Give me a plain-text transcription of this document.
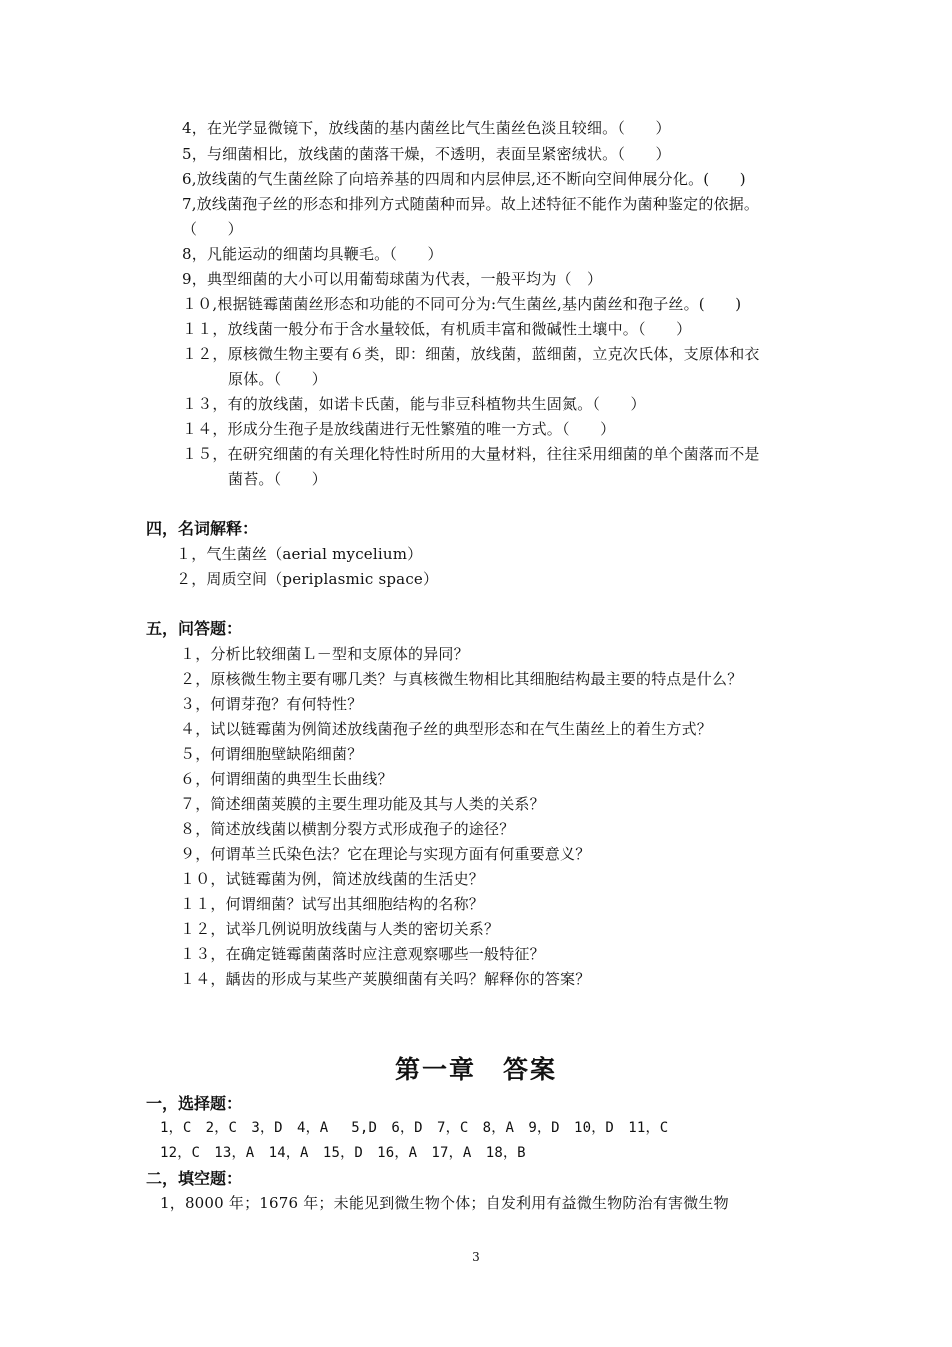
4，在光学显微镜下，放线菌的基内菌丝比气生菌丝色淡且较细。（　　）
5，与细菌相比，放线菌的菌落干燥，不透明，表面呈紧密绒状。（　　）
6,放线菌的气生菌丝除了向培养基的四周和内层伸层,还不断向空间伸展分化。(　　)
7,放线菌孢子丝的形态和排列方式随菌种而异。故上述特征不能作为菌种鉴定的依据。
（　　）
8，凡能运动的细菌均具鞭毛。（　　）
9，典型细菌的大小可以用葡萄球菌为代表，一般平均为（　）
１０,根据链霉菌菌丝形态和功能的不同可分为:气生菌丝,基内菌丝和孢子丝。(　　)
１１，放线菌一般分布于含水量较低，有机质丰富和微碱性土壤中。（　　）
１２，原核微生物主要有６类，即：细菌，放线菌，蓝细菌，立克次氏体，支原体和衣
原体。（　　）
１３，有的放线菌，如诺卡氏菌，能与非豆科植物共生固氮。（　　）
１４，形成分生孢子是放线菌进行无性繁殖的唯一方式。（　　）
１５，在研究细菌的有关理化特性时所用的大量材料，往往采用细菌的单个菌落而不是
菌苔。（　　）
四，名词解释：
１，气生菌丝（aerial mycelium）
２，周质空间（periplasmic space）
五，问答题：
１，分析比较细菌Ｌ－型和支原体的异同？
２，原核微生物主要有哪几类？与真核微生物相比其细胞结构最主要的特点是什么？
３，何谓芽孢？有何特性？
４，试以链霉菌为例简述放线菌孢子丝的典型形态和在气生菌丝上的着生方式？
５，何谓细胞壁缺陷细菌？
６，何谓细菌的典型生长曲线？
７，简述细菌荚膜的主要生理功能及其与人类的关系？
８，简述放线菌以横割分裂方式形成孢子的途径？
９，何谓革兰氏染色法？它在理论与实现方面有何重要意义？
１０，试链霉菌为例，简述放线菌的生活史？
１１，何谓细菌？试写出其细胞结构的名称？
１２，试举几例说明放线菌与人类的密切关系？
１３，在确定链霉菌菌落时应注意观察哪些一般特征？
１４，龋齿的形成与某些产荚膜细菌有关吗？解释你的答案？
第一章　答案
一，选择题：
1，C　2，C　3，D　4，A　 5,D　6，D　7，C　8，A　9，D　10，D　11，C
12，C　13，A　14，A　15，D　16，A　17，A　18，B
二，填空题：
1，8000 年；1676 年；未能见到微生物个体；自发利用有益微生物防治有害微生物
3
